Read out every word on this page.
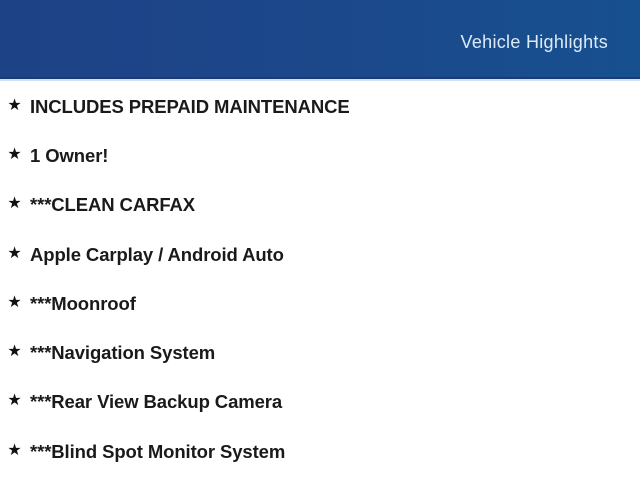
Vehicle Highlights
★ INCLUDES PREPAID MAINTENANCE
★ 1 Owner!
★ ***CLEAN CARFAX
★ Apple Carplay / Android Auto
★ ***Moonroof
★ ***Navigation System
★ ***Rear View Backup Camera
★ ***Blind Spot Monitor System
